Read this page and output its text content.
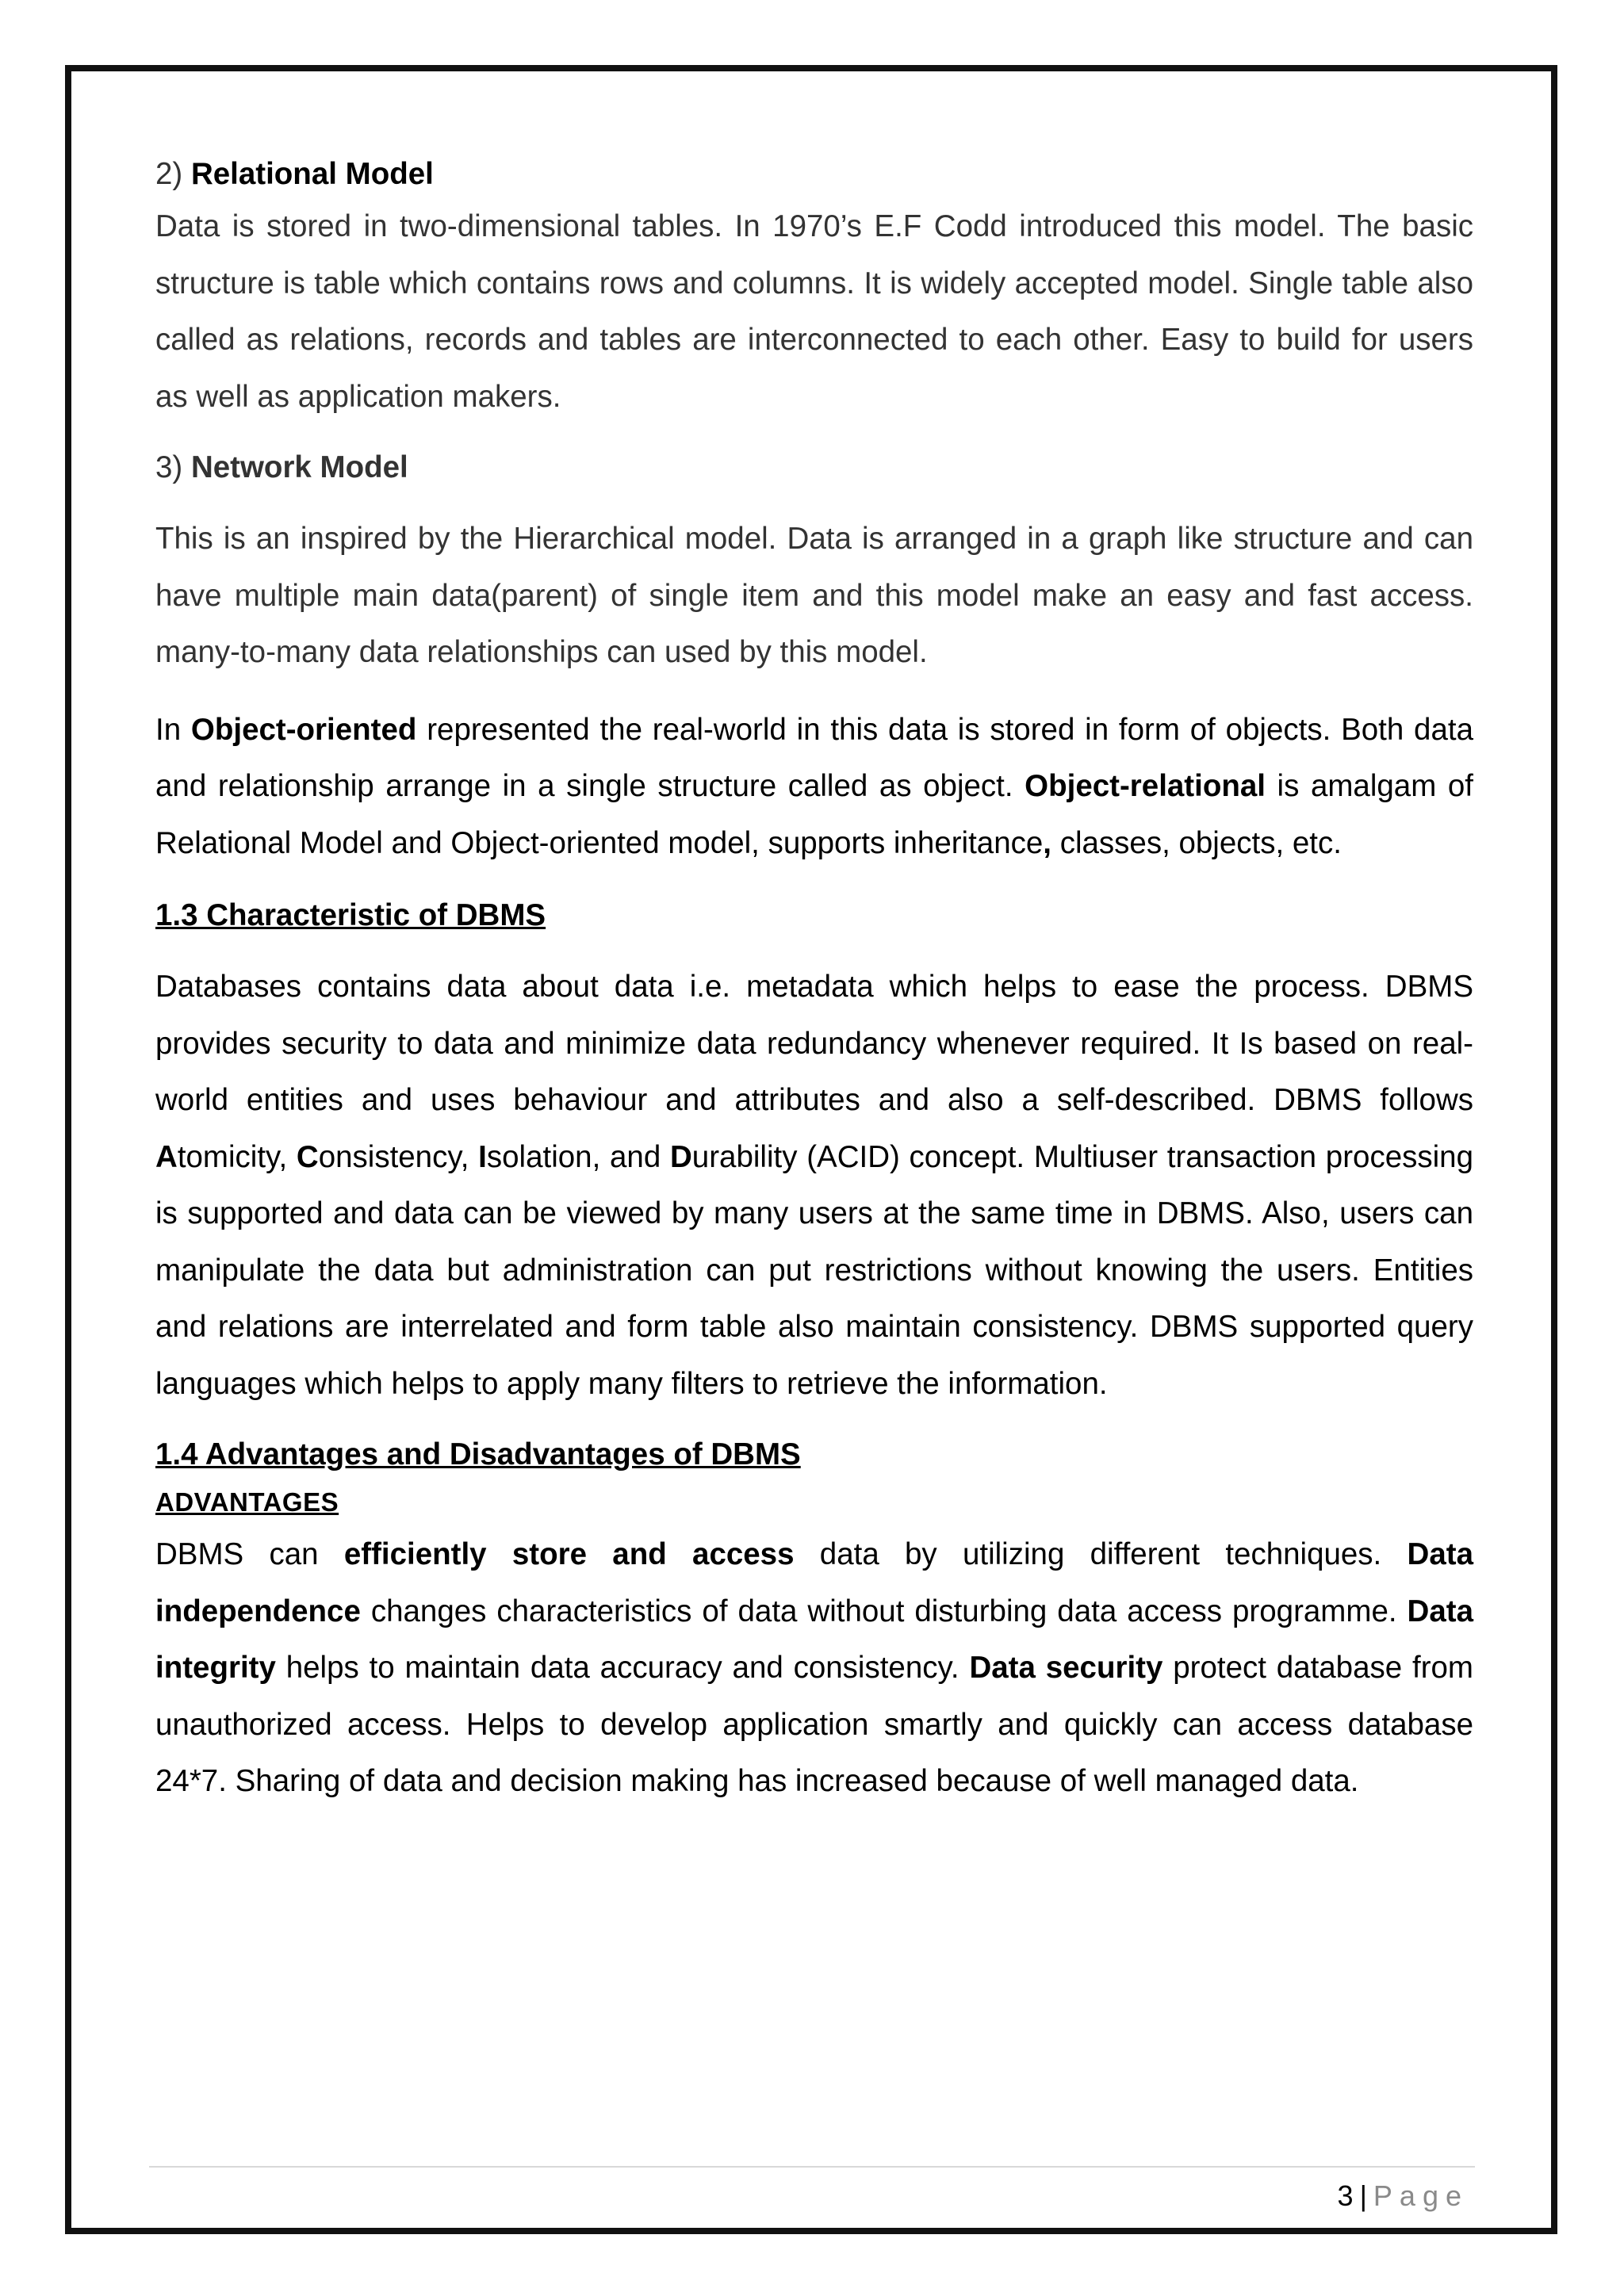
2) Relational Model

Data is stored in two-dimensional tables. In 1970’s E.F Codd introduced this model. The basic structure is table which contains rows and columns. It is widely accepted model. Single table also called as relations, records and tables are interconnected to each other. Easy to build for users as well as application makers.

3) Network Model

This is an inspired by the Hierarchical model. Data is arranged in a graph like structure and can have multiple main data(parent) of single item and this model make an easy and fast access. many-to-many data relationships can used by this model.

In Object-oriented represented the real-world in this data is stored in form of objects. Both data and relationship arrange in a single structure called as object. Object-relational is amalgam of Relational Model and Object-oriented model, supports inheritance, classes, objects, etc.

1.3 Characteristic of DBMS

Databases contains data about data i.e. metadata which helps to ease the process. DBMS provides security to data and minimize data redundancy whenever required. It Is based on real-world entities and uses behaviour and attributes and also a self-described. DBMS follows Atomicity, Consistency, Isolation, and Durability (ACID) concept. Multiuser transaction processing is supported and data can be viewed by many users at the same time in DBMS. Also, users can manipulate the data but administration can put restrictions without knowing the users. Entities and relations are interrelated and form table also maintain consistency. DBMS supported query languages which helps to apply many filters to retrieve the information.

1.4 Advantages and Disadvantages of DBMS
ADVANTAGES

DBMS can efficiently store and access data by utilizing different techniques. Data independence changes characteristics of data without disturbing data access programme. Data integrity helps to maintain data accuracy and consistency. Data security protect database from unauthorized access. Helps to develop application smartly and quickly can access database 24*7. Sharing of data and decision making has increased because of well managed data.

3 | Page
